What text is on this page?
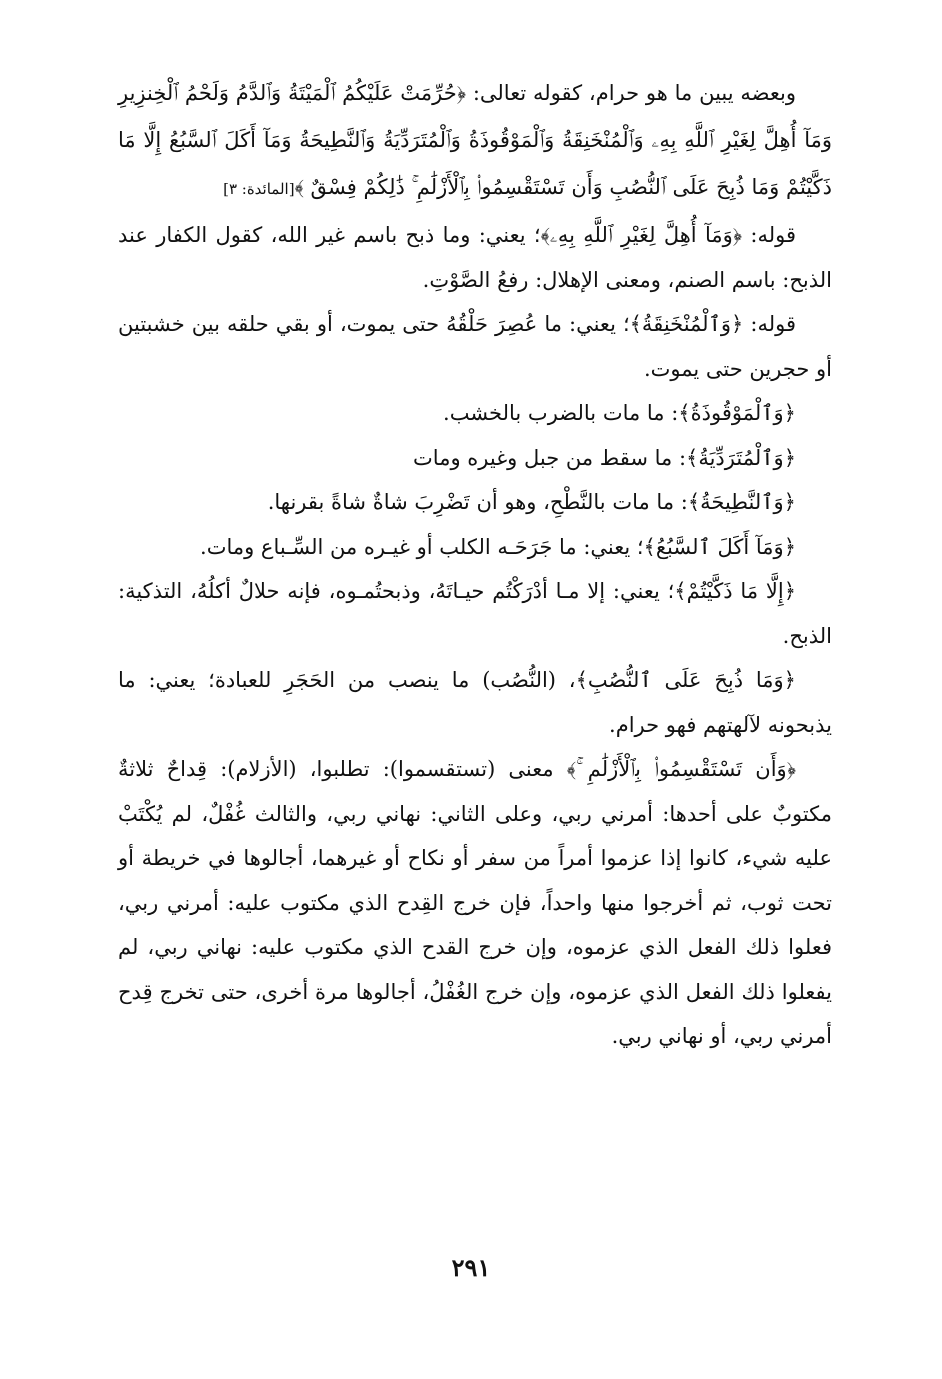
وبعضه يبين ما هو حرام، كقوله تعالى: ﴿حُرِّمَتْ عَلَيْكُمُ ٱلْمَيْتَةُ وَٱلدَّمُ وَلَحْمُ ٱلْخِنزِيرِ وَمَآ أُهِلَّ لِغَيْرِ ٱللَّهِ بِهِۦ وَٱلْمُنْخَنِقَةُ وَٱلْمَوْقُوذَةُ وَٱلْمُتَرَدِّيَةُ وَٱلنَّطِيحَةُ وَمَآ أَكَلَ ٱلسَّبُعُ إِلَّا مَا ذَكَّيْتُمْ وَمَا ذُبِحَ عَلَى ٱلنُّصُبِ وَأَن تَسْتَقْسِمُوا۟ بِٱلْأَزْلَٰمِ ۚ ذَٰلِكُمْ فِسْقٌ ﴾[المائدة: ٣]

قوله: ﴿وَمَآ أُهِلَّ لِغَيْرِ ٱللَّهِ بِهِۦ﴾؛ يعني: وما ذبح باسم غير الله، كقول الكفار عند الذبح: باسم الصنم، ومعنى الإهلال: رفعُ الصَّوْتِ.

قوله: ﴿وَٱلْمُنْخَنِقَةُ﴾؛ يعني: ما عُصِرَ حَلْقُهُ حتى يموت، أو بقي حلقه بين خشبتين أو حجرين حتى يموت.

﴿وَٱلْمَوْقُوذَةُ﴾: ما مات بالضرب بالخشب.

﴿وَٱلْمُتَرَدِّيَةُ﴾: ما سقط من جبل وغيره ومات

﴿وَٱلنَّطِيحَةُ﴾: ما مات بالنَّطْحِ، وهو أن تَضْرِبَ شاةٌ شاةً بقرنها.

﴿وَمَآ أَكَلَ ٱلسَّبُعُ﴾؛ يعني: ما جَرَحَـه الكلب أو غيـره من السِّـباع ومات.

﴿إِلَّا مَا ذَكَّيْتُمْ﴾؛ يعني: إلا مـا أدْرَكْتُم حيـاتَهُ، وذبحتُمـوه، فإنه حلالٌ أكلُهُ، التذكية: الذبح.

﴿وَمَا ذُبِحَ عَلَى ٱلنُّصُبِ﴾، (النُّصُب) ما ينصب من الحَجَرِ للعبادة؛ يعني: ما يذبحونه لآلهتهم فهو حرام.

﴿وَأَن تَسْتَقْسِمُوا۟ بِٱلْأَزْلَٰمِ ۚ﴾ معنى (تستقسموا): تطلبوا، (الأزلام): قِداحٌ ثلاثةٌ مكتوبٌ على أحدها: أمرني ربي، وعلى الثاني: نهاني ربي، والثالث غُفْلٌ، لم يُكْتَبْ عليه شيء، كانوا إذا عزموا أمراً من سفر أو نكاح أو غيرهما، أجالوها في خريطة أو تحت ثوب، ثم أخرجوا منها واحداً، فإن خرج القِدح الذي مكتوب عليه: أمرني ربي، فعلوا ذلك الفعل الذي عزموه، وإن خرج القدح الذي مكتوب عليه: نهاني ربي، لم يفعلوا ذلك الفعل الذي عزموه، وإن خرج الغُفْلُ، أجالوها مرة أخرى، حتى تخرج قِدح أمرني ربي، أو نهاني ربي.

٢٩١
